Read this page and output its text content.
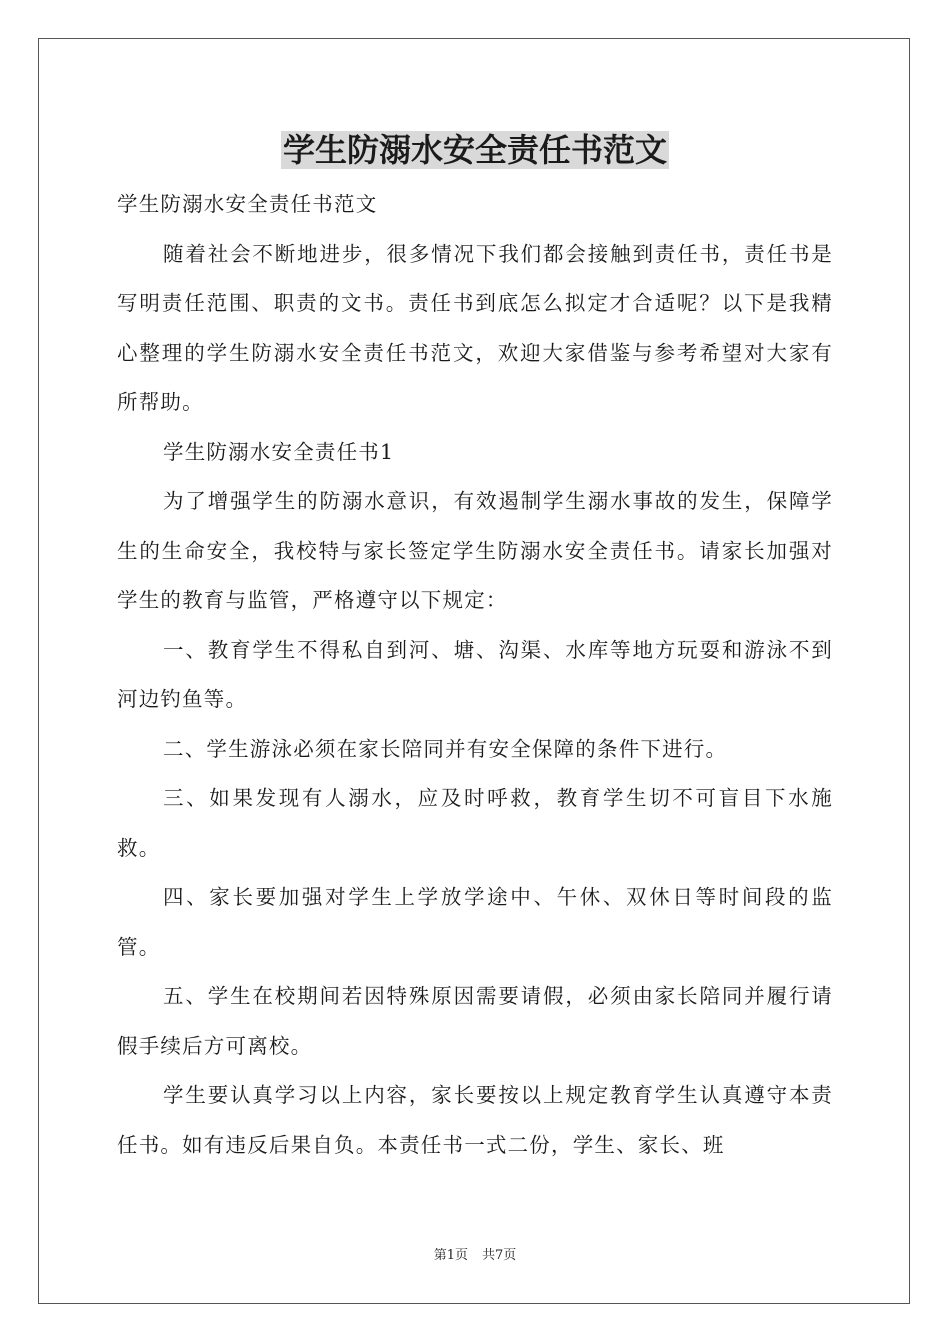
学生防溺水安全责任书范文

学生防溺水安全责任书范文

随着社会不断地进步，很多情况下我们都会接触到责任书，责任书是写明责任范围、职责的文书。责任书到底怎么拟定才合适呢？以下是我精心整理的学生防溺水安全责任书范文，欢迎大家借鉴与参考希望对大家有所帮助。

学生防溺水安全责任书1

为了增强学生的防溺水意识，有效遏制学生溺水事故的发生，保障学生的生命安全，我校特与家长签定学生防溺水安全责任书。请家长加强对学生的教育与监管，严格遵守以下规定：

一、教育学生不得私自到河、塘、沟渠、水库等地方玩耍和游泳不到河边钓鱼等。

二、学生游泳必须在家长陪同并有安全保障的条件下进行。

三、如果发现有人溺水，应及时呼救，教育学生切不可盲目下水施救。

四、家长要加强对学生上学放学途中、午休、双休日等时间段的监管。

五、学生在校期间若因特殊原因需要请假，必须由家长陪同并履行请假手续后方可离校。

学生要认真学习以上内容，家长要按以上规定教育学生认真遵守本责任书。如有违反后果自负。本责任书一式二份，学生、家长、班

第1页 共7页
